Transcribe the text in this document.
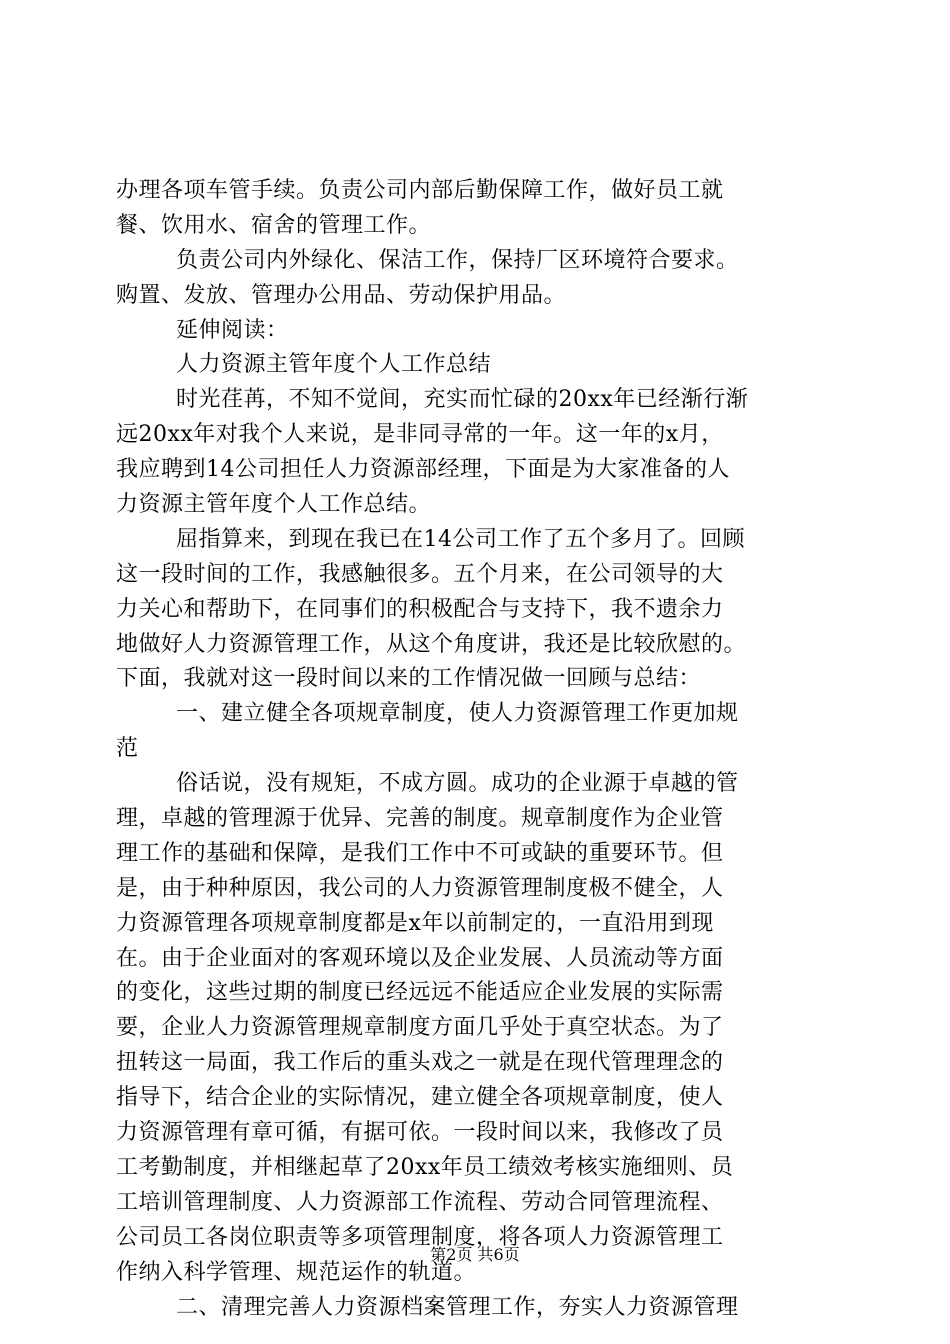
办理各项车管手续。负责公司内部后勤保障工作，做好员工就
餐、饮用水、宿舍的管理工作。
负责公司内外绿化、保洁工作，保持厂区环境符合要求。
购置、发放、管理办公用品、劳动保护用品。
延伸阅读：
人力资源主管年度个人工作总结
时光荏苒，不知不觉间，充实而忙碌的20xx年已经渐行渐
远20xx年对我个人来说，是非同寻常的一年。这一年的x月，
我应聘到14公司担任人力资源部经理，下面是为大家准备的人
力资源主管年度个人工作总结。
屈指算来，到现在我已在14公司工作了五个多月了。回顾
这一段时间的工作，我感触很多。五个月来，在公司领导的大
力关心和帮助下，在同事们的积极配合与支持下，我不遗余力
地做好人力资源管理工作，从这个角度讲，我还是比较欣慰的。
下面，我就对这一段时间以来的工作情况做一回顾与总结：
一、建立健全各项规章制度，使人力资源管理工作更加规
范
俗话说，没有规矩，不成方圆。成功的企业源于卓越的管
理，卓越的管理源于优异、完善的制度。规章制度作为企业管
理工作的基础和保障，是我们工作中不可或缺的重要环节。但
是，由于种种原因，我公司的人力资源管理制度极不健全，人
力资源管理各项规章制度都是x年以前制定的，一直沿用到现
在。由于企业面对的客观环境以及企业发展、人员流动等方面
的变化，这些过期的制度已经远远不能适应企业发展的实际需
要，企业人力资源管理规章制度方面几乎处于真空状态。为了
扭转这一局面，我工作后的重头戏之一就是在现代管理理念的
指导下，结合企业的实际情况，建立健全各项规章制度，使人
力资源管理有章可循，有据可依。一段时间以来，我修改了员
工考勤制度，并相继起草了20xx年员工绩效考核实施细则、员
工培训管理制度、人力资源部工作流程、劳动合同管理流程、
公司员工各岗位职责等多项管理制度，将各项人力资源管理工
作纳入科学管理、规范运作的轨道。
二、清理完善人力资源档案管理工作，夯实人力资源管理
第2页 共6页
